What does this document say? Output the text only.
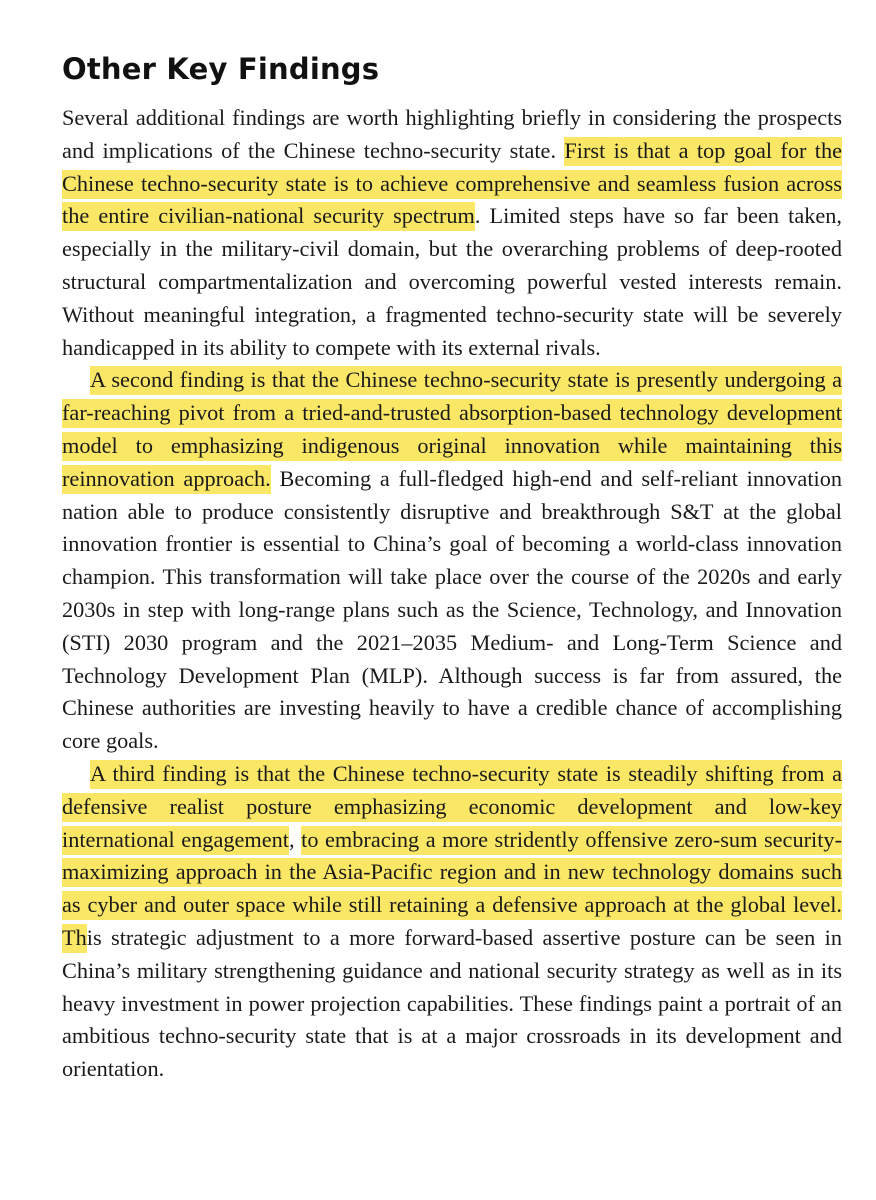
Other Key Findings

Several additional findings are worth highlighting briefly in considering the prospects and implications of the Chinese techno-security state. First is that a top goal for the Chinese techno-security state is to achieve comprehensive and seamless fusion across the entire civilian-national security spectrum. Limited steps have so far been taken, especially in the military-civil domain, but the overarching problems of deep-rooted structural compartmentalization and overcoming powerful vested interests remain. Without meaningful integration, a fragmented techno-security state will be severely handicapped in its ability to compete with its external rivals.

A second finding is that the Chinese techno-security state is presently undergoing a far-reaching pivot from a tried-and-trusted absorption-based technology development model to emphasizing indigenous original innovation while maintaining this reinnovation approach. Becoming a full-fledged high-end and self-reliant innovation nation able to produce consistently disruptive and breakthrough S&T at the global innovation frontier is essential to China’s goal of becoming a world-class innovation champion. This transformation will take place over the course of the 2020s and early 2030s in step with long-range plans such as the Science, Technology, and Innovation (STI) 2030 program and the 2021–2035 Medium- and Long-Term Science and Technology Development Plan (MLP). Although success is far from assured, the Chinese authorities are investing heavily to have a credible chance of accomplishing core goals.

A third finding is that the Chinese techno-security state is steadily shifting from a defensive realist posture emphasizing economic development and low-key international engagement, to embracing a more stridently offensive zero-sum security-maximizing approach in the Asia-Pacific region and in new technology domains such as cyber and outer space while still retaining a defensive approach at the global level. This strategic adjustment to a more forward-based assertive posture can be seen in China’s military strengthening guidance and national security strategy as well as in its heavy investment in power projection capabilities. These findings paint a portrait of an ambitious techno-security state that is at a major crossroads in its development and orientation.
